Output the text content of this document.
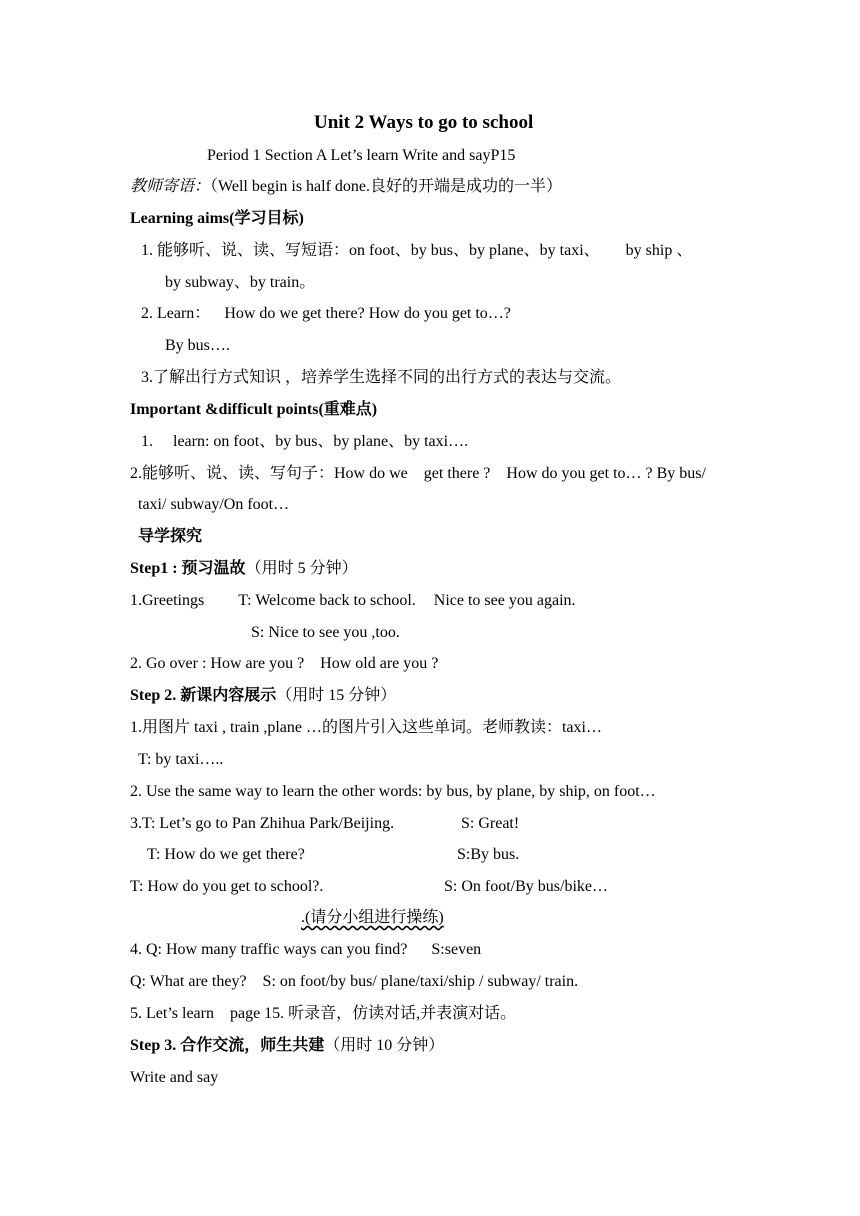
Unit 2 Ways to go to school
Period 1 Section A Let’s learn Write and sayP15
教师寄语：（Well begin is half done.良好的开端是成功的一半）
Learning aims(学习目标)
1. 能够听、说、读、写短语：on foot、by bus、by plane、by taxi、 by ship 、
by subway、by train。
2. Learn： How do we get there? How do you get to…?
By bus….
3.了解出行方式知识 ，培养学生选择不同的出行方式的表达与交流。
Important &difficult points(重难点)
1. learn: on foot、by bus、by plane、by taxi….
2.能够听、说、读、写句子：How do we get there ? How do you get to… ? By bus/
taxi/ subway/On foot…
导学探究
Step1 : 预习温故（用时 5 分钟）
1.Greetings T: Welcome back to school. Nice to see you again.
S: Nice to see you ,too.
2. Go over : How are you ? How old are you ?
Step 2. 新课内容展示（用时 15 分钟）
1.用图片 taxi , train ,plane …的图片引入这些单词。老师教读：taxi…
T: by taxi…..
2. Use the same way to learn the other words: by bus, by plane, by ship, on foot…
3.T: Let’s go to Pan Zhihua Park/Beijing.	S: Great!
T: How do we get there?	S:By bus.
T: How do you get to school?.	S: On foot/By bus/bike…
.(请分小组进行操练)
4. Q: How many traffic ways can you find? S:seven
Q: What are they? S: on foot/by bus/ plane/taxi/ship / subway/ train.
5. Let’s learn page 15. 听录音，仿读对话,并表演对话。
Step 3. 合作交流，师生共建（用时 10 分钟）
Write and say
